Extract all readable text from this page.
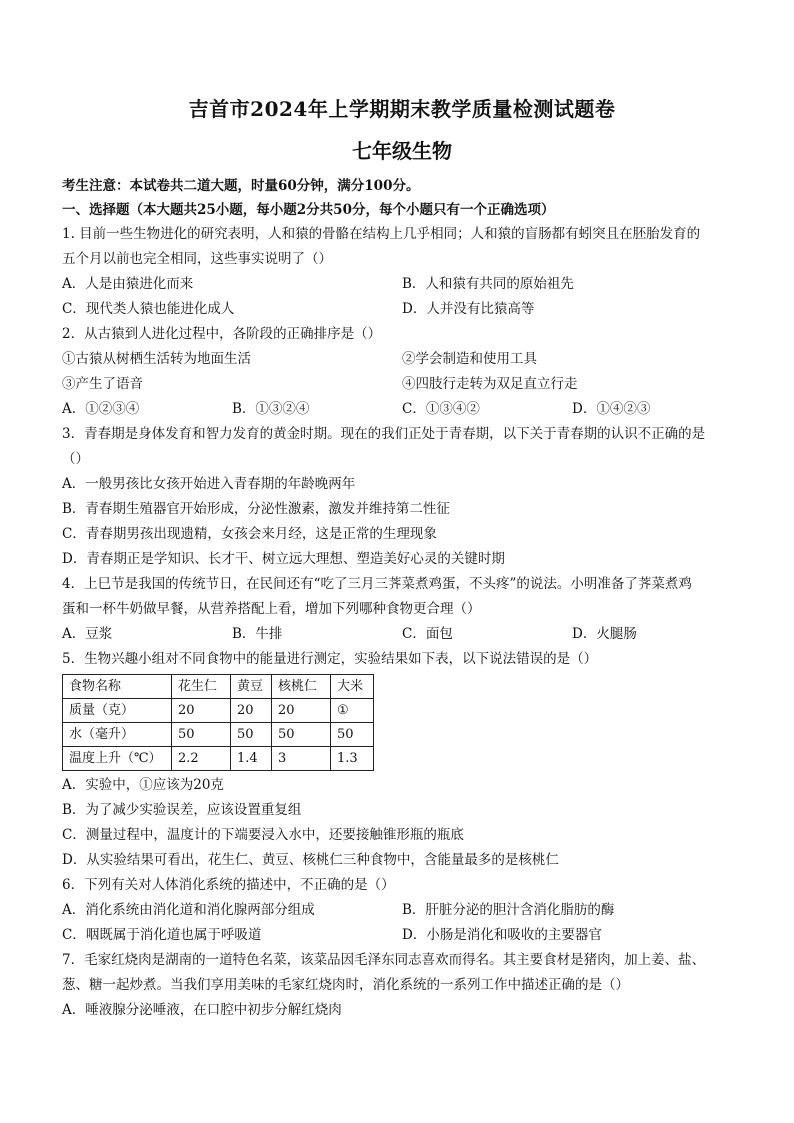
吉首市2024年上学期期末教学质量检测试题卷
七年级生物
考生注意：本试卷共二道大题，时量60分钟，满分100分。
一、选择题（本大题共25小题，每小题2分共50分，每个小题只有一个正确选项）
1. 目前一些生物进化的研究表明，人和猿的骨骼在结构上几乎相同；人和猿的盲肠都有蚓突且在胚胎发育的
五个月以前也完全相同，这些事实说明了（）
A．人是由猿进化而来	B．人和猿有共同的原始祖先
C．现代类人猿也能进化成人	D．人并没有比猿高等
2．从古猿到人进化过程中，各阶段的正确排序是（）
①古猿从树栖生活转为地面生活	②学会制造和使用工具
③产生了语音	④四肢行走转为双足直立行走
A．①②③④	B．①③②④	C．①③④②	D．①④②③
3．青春期是身体发育和智力发育的黄金时期。现在的我们正处于青春期，以下关于青春期的认识不正确的是
（）
A．一般男孩比女孩开始进入青春期的年龄晚两年
B．青春期生殖器官开始形成，分泌性激素，激发并维持第二性征
C．青春期男孩出现遗精，女孩会来月经，这是正常的生理现象
D．青春期正是学知识、长才干、树立远大理想、塑造美好心灵的关键时期
4．上巳节是我国的传统节日，在民间还有“吃了三月三荠菜煮鸡蛋，不头疼”的说法。小明准备了荠菜煮鸡
蛋和一杯牛奶做早餐，从营养搭配上看，增加下列哪种食物更合理（）
A．豆浆	B．牛排	C．面包	D．火腿肠
5．生物兴趣小组对不同食物中的能量进行测定，实验结果如下表，以下说法错误的是（）
食物名称	花生仁	黄豆	核桃仁	大米
质量（克）	20	20	20	①
水（毫升）	50	50	50	50
温度上升（℃）	2.2	1.4	3	1.3
A．实验中，①应该为20克
B．为了减少实验误差，应该设置重复组
C．测量过程中，温度计的下端要浸入水中，还要接触锥形瓶的瓶底
D．从实验结果可看出，花生仁、黄豆、核桃仁三种食物中，含能量最多的是核桃仁
6．下列有关对人体消化系统的描述中，不正确的是（）
A．消化系统由消化道和消化腺两部分组成	B．肝脏分泌的胆汁含消化脂肪的酶
C．咽既属于消化道也属于呼吸道	D．小肠是消化和吸收的主要器官
7．毛家红烧肉是湖南的一道特色名菜，该菜品因毛泽东同志喜欢而得名。其主要食材是猪肉，加上姜、盐、
葱、糖一起炒煮。当我们享用美味的毛家红烧肉时，消化系统的一系列工作中描述正确的是（）
A．唾液腺分泌唾液，在口腔中初步分解红烧肉
